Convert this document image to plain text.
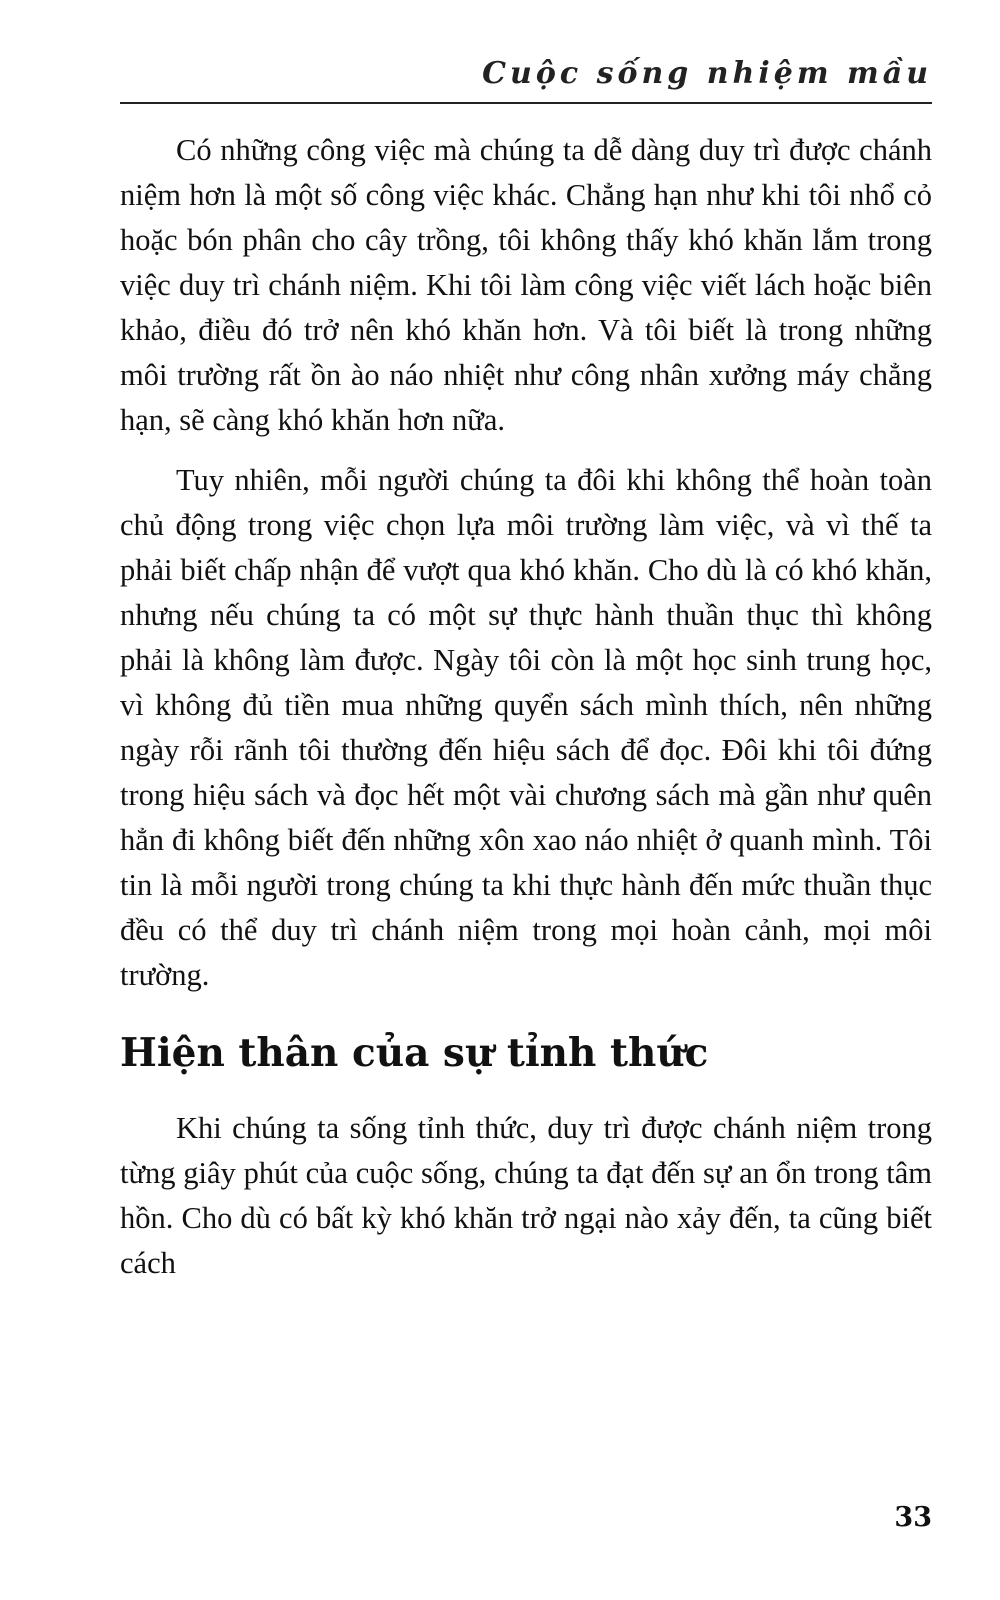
Cuộc sống nhiệm mầu

Có những công việc mà chúng ta dễ dàng duy trì được chánh niệm hơn là một số công việc khác. Chẳng hạn như khi tôi nhổ cỏ hoặc bón phân cho cây trồng, tôi không thấy khó khăn lắm trong việc duy trì chánh niệm. Khi tôi làm công việc viết lách hoặc biên khảo, điều đó trở nên khó khăn hơn. Và tôi biết là trong những môi trường rất ồn ào náo nhiệt như công nhân xưởng máy chẳng hạn, sẽ càng khó khăn hơn nữa.

Tuy nhiên, mỗi người chúng ta đôi khi không thể hoàn toàn chủ động trong việc chọn lựa môi trường làm việc, và vì thế ta phải biết chấp nhận để vượt qua khó khăn. Cho dù là có khó khăn, nhưng nếu chúng ta có một sự thực hành thuần thục thì không phải là không làm được. Ngày tôi còn là một học sinh trung học, vì không đủ tiền mua những quyển sách mình thích, nên những ngày rỗi rãnh tôi thường đến hiệu sách để đọc. Đôi khi tôi đứng trong hiệu sách và đọc hết một vài chương sách mà gần như quên hẳn đi không biết đến những xôn xao náo nhiệt ở quanh mình. Tôi tin là mỗi người trong chúng ta khi thực hành đến mức thuần thục đều có thể duy trì chánh niệm trong mọi hoàn cảnh, mọi môi trường.

Hiện thân của sự tỉnh thức

Khi chúng ta sống tỉnh thức, duy trì được chánh niệm trong từng giây phút của cuộc sống, chúng ta đạt đến sự an ổn trong tâm hồn. Cho dù có bất kỳ khó khăn trở ngại nào xảy đến, ta cũng biết cách

33
